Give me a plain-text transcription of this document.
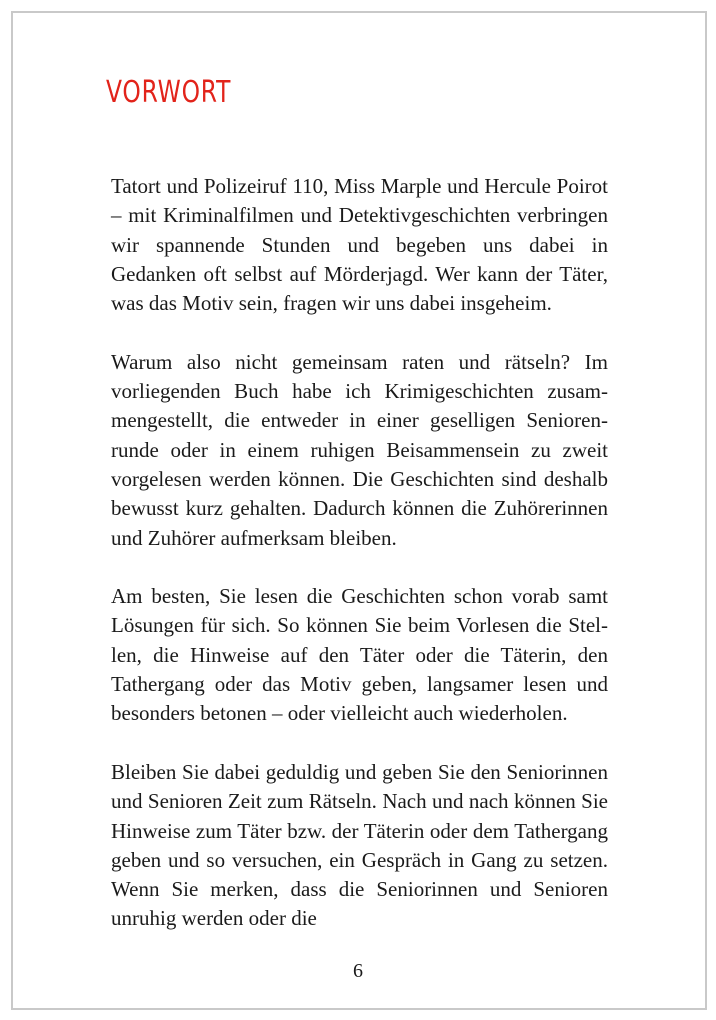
VORWORT

Tatort und Polizeiruf 110, Miss Marple und Hercule Poirot – mit Kriminalfilmen und Detektivgeschichten verbringen wir spannende Stunden und begeben uns dabei in Gedanken oft selbst auf Mörderjagd. Wer kann der Täter, was das Motiv sein, fragen wir uns dabei insgeheim.

Warum also nicht gemeinsam raten und rätseln? Im vorliegenden Buch habe ich Krimigeschichten zusammengestellt, die entweder in einer geselligen Seniorenrunde oder in einem ruhigen Beisammensein zu zweit vorgelesen werden können. Die Geschichten sind deshalb bewusst kurz gehalten. Dadurch können die Zuhörerinnen und Zuhörer aufmerksam bleiben.

Am besten, Sie lesen die Geschichten schon vorab samt Lösungen für sich. So können Sie beim Vorlesen die Stellen, die Hinweise auf den Täter oder die Täterin, den Tathergang oder das Motiv geben, langsamer lesen und besonders betonen – oder vielleicht auch wiederholen.

Bleiben Sie dabei geduldig und geben Sie den Seniorinnen und Senioren Zeit zum Rätseln. Nach und nach können Sie Hinweise zum Täter bzw. der Täterin oder dem Tathergang geben und so versuchen, ein Gespräch in Gang zu setzen. Wenn Sie merken, dass die Seniorinnen und Senioren unruhig werden oder die

6
